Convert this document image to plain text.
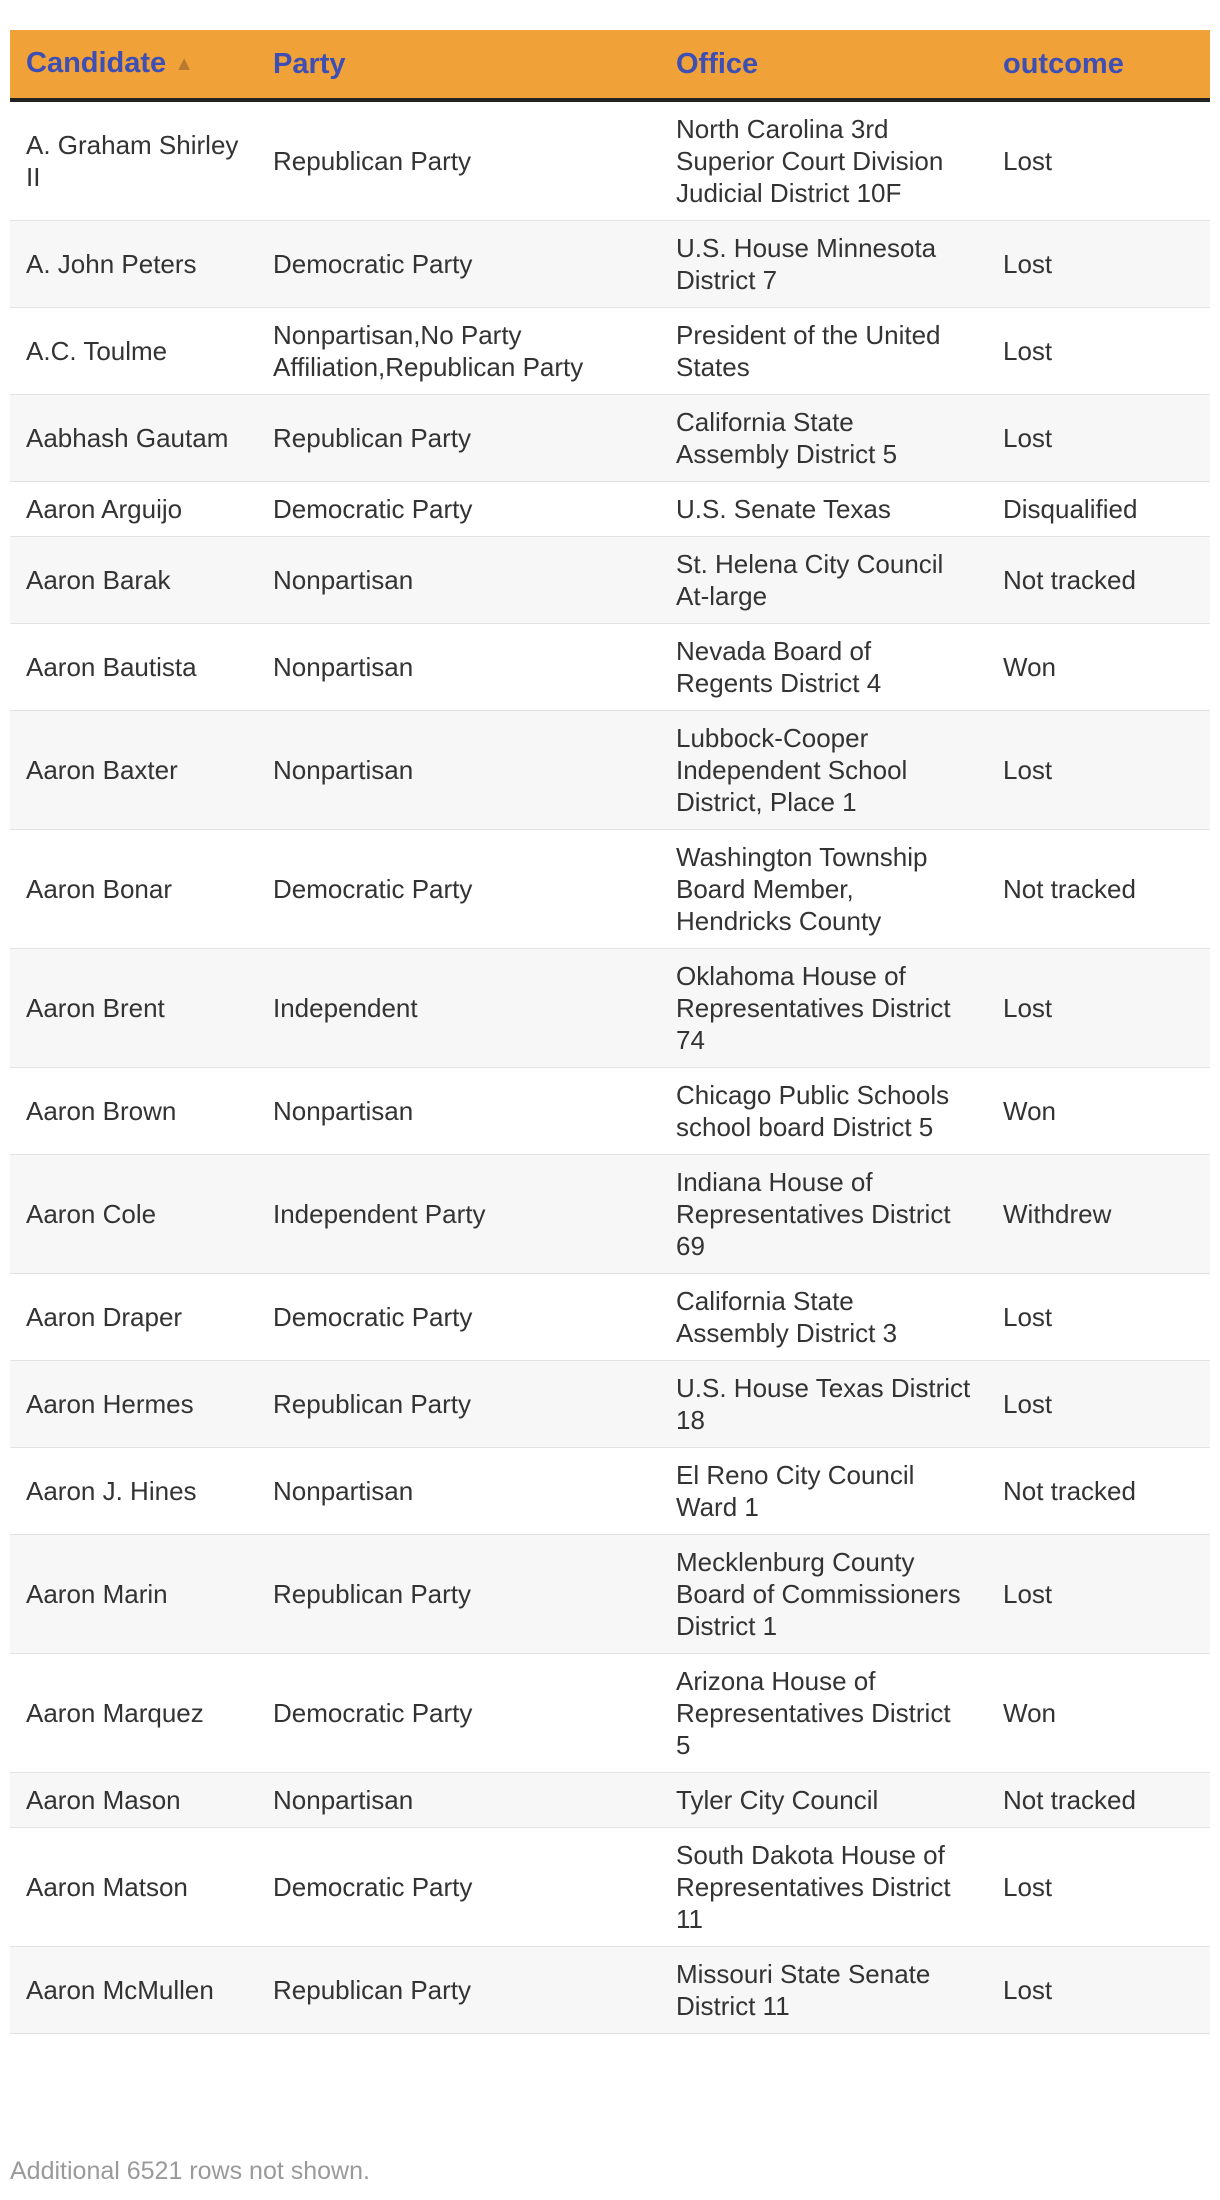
Candidate ▲	Party	Office	outcome
A. Graham Shirley II	Republican Party	North Carolina 3rd Superior Court Division Judicial District 10F	Lost
A. John Peters	Democratic Party	U.S. House Minnesota District 7	Lost
A.C. Toulme	Nonpartisan,No Party Affiliation,Republican Party	President of the United States	Lost
Aabhash Gautam	Republican Party	California State Assembly District 5	Lost
Aaron Arguijo	Democratic Party	U.S. Senate Texas	Disqualified
Aaron Barak	Nonpartisan	St. Helena City Council At-large	Not tracked
Aaron Bautista	Nonpartisan	Nevada Board of Regents District 4	Won
Aaron Baxter	Nonpartisan	Lubbock-Cooper Independent School District, Place 1	Lost
Aaron Bonar	Democratic Party	Washington Township Board Member, Hendricks County	Not tracked
Aaron Brent	Independent	Oklahoma House of Representatives District 74	Lost
Aaron Brown	Nonpartisan	Chicago Public Schools school board District 5	Won
Aaron Cole	Independent Party	Indiana House of Representatives District 69	Withdrew
Aaron Draper	Democratic Party	California State Assembly District 3	Lost
Aaron Hermes	Republican Party	U.S. House Texas District 18	Lost
Aaron J. Hines	Nonpartisan	El Reno City Council Ward 1	Not tracked
Aaron Marin	Republican Party	Mecklenburg County Board of Commissioners District 1	Lost
Aaron Marquez	Democratic Party	Arizona House of Representatives District 5	Won
Aaron Mason	Nonpartisan	Tyler City Council	Not tracked
Aaron Matson	Democratic Party	South Dakota House of Representatives District 11	Lost
Aaron McMullen	Republican Party	Missouri State Senate District 11	Lost
Additional 6521 rows not shown.
